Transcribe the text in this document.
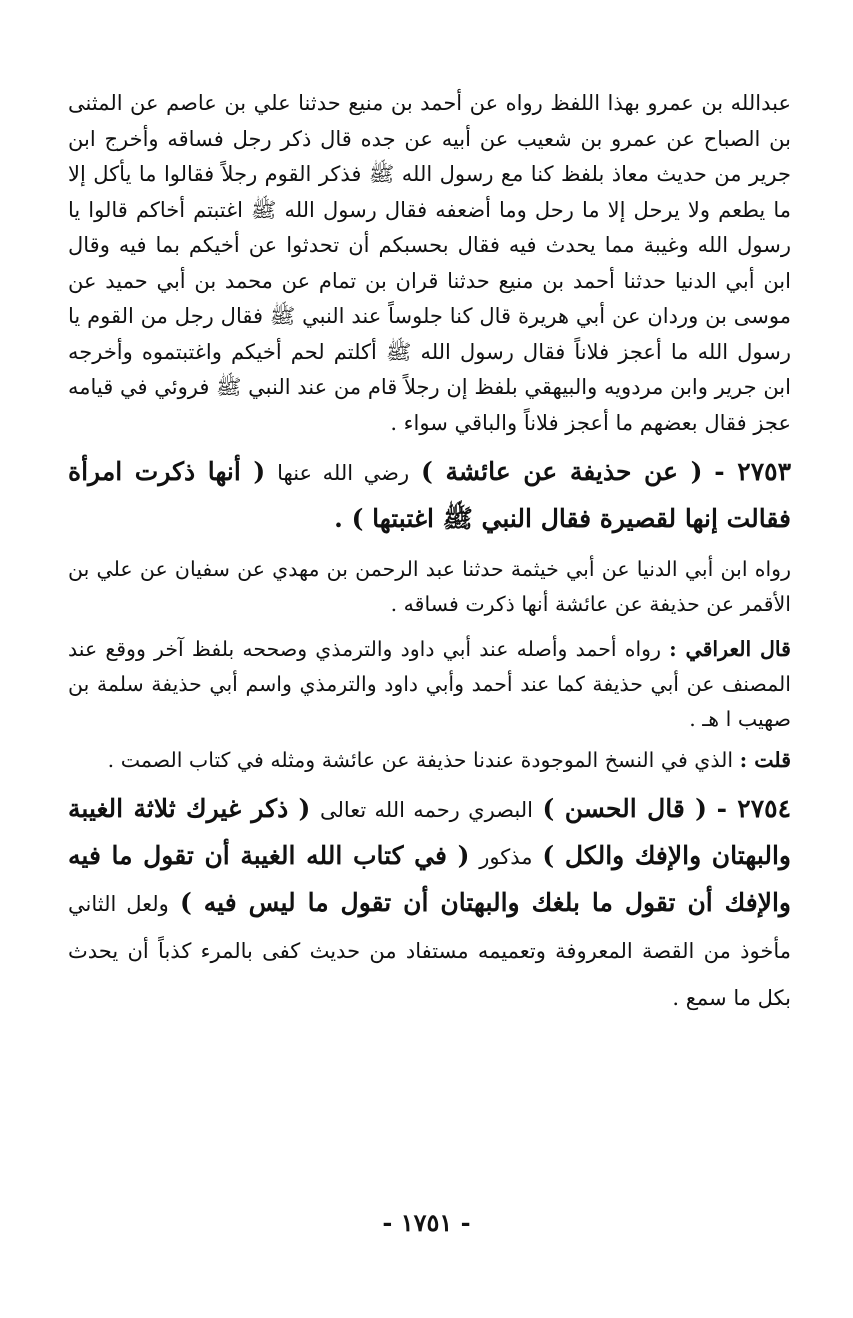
عبدالله بن عمرو بهذا اللفظ رواه عن أحمد بن منيع حدثنا علي بن عاصم عن المثنى بن الصباح عن عمرو بن شعيب عن أبيه عن جده قال ذكر رجل فساقه وأخرج ابن جرير من حديث معاذ بلفظ كنا مع رسول الله ﷺ فذكر القوم رجلاً فقالوا ما يأكل إلا ما يطعم ولا يرحل إلا ما رحل وما أضعفه فقال رسول الله ﷺ اغتبتم أخاكم قالوا يا رسول الله وغيبة مما يحدث فيه فقال بحسبكم أن تحدثوا عن أخيكم بما فيه وقال ابن أبي الدنيا حدثنا أحمد بن منيع حدثنا قران بن تمام عن محمد بن أبي حميد عن موسى بن وردان عن أبي هريرة قال كنا جلوساً عند النبي ﷺ فقال رجل من القوم يا رسول الله ما أعجز فلاناً فقال رسول الله ﷺ أكلتم لحم أخيكم واغتبتموه وأخرجه ابن جرير وابن مردويه والبيهقي بلفظ إن رجلاً قام من عند النبي ﷺ فروئي في قيامه عجز فقال بعضهم ما أعجز فلاناً والباقي سواء .

٢٧٥٣ - ( عن حذيفة عن عائشة ) رضي الله عنها ( أنها ذكرت امرأة فقالت إنها لقصيرة فقال النبي ﷺ اغتبتها ) .

رواه ابن أبي الدنيا عن أبي خيثمة حدثنا عبد الرحمن بن مهدي عن سفيان عن علي بن الأقمر عن حذيفة عن عائشة أنها ذكرت فساقه .

قال العراقي : رواه أحمد وأصله عند أبي داود والترمذي وصححه بلفظ آخر ووقع عند المصنف عن أبي حذيفة كما عند أحمد وأبي داود والترمذي واسم أبي حذيفة سلمة بن صهيب ا هـ .

قلت : الذي في النسخ الموجودة عندنا حذيفة عن عائشة ومثله في كتاب الصمت .

٢٧٥٤ - ( قال الحسن ) البصري رحمه الله تعالى ( ذكر غيرك ثلاثة الغيبة والبهتان والإفك والكل ) مذكور ( في كتاب الله الغيبة أن تقول ما فيه والإفك أن تقول ما بلغك والبهتان أن تقول ما ليس فيه ) ولعل الثاني مأخوذ من القصة المعروفة وتعميمه مستفاد من حديث كفى بالمرء كذباً أن يحدث بكل ما سمع .

- ١٧٥١ -
